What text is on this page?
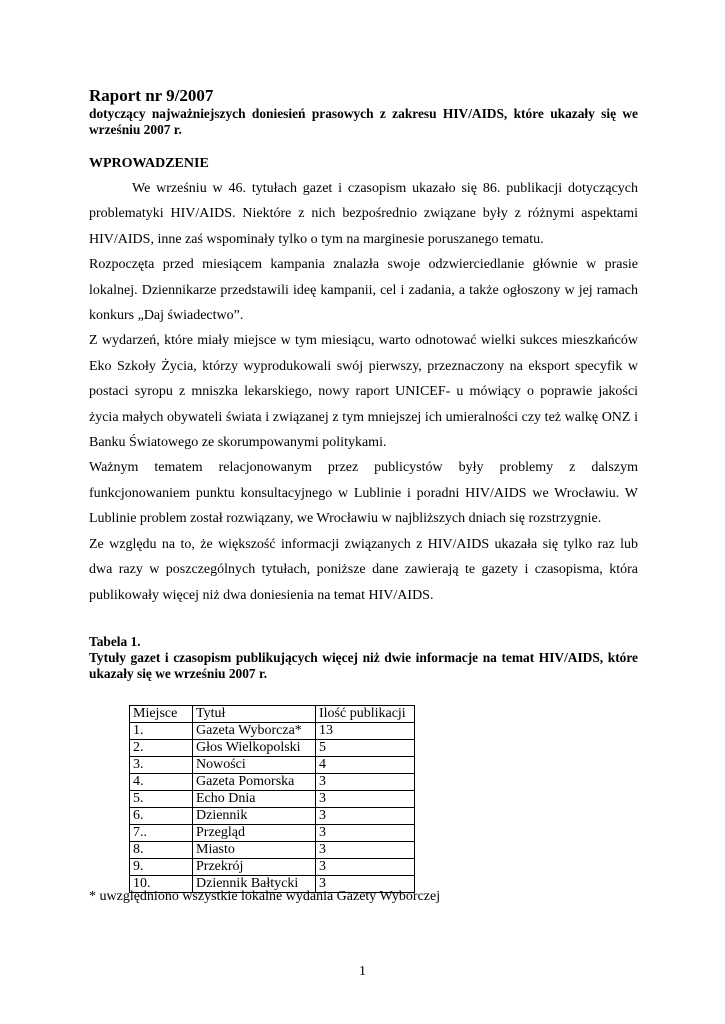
Raport nr 9/2007

dotyczący najważniejszych doniesień prasowych z zakresu HIV/AIDS, które ukazały się we wrześniu 2007 r.

WPROWADZENIE

We wrześniu w 46. tytułach gazet i czasopism ukazało się 86. publikacji dotyczących problematyki HIV/AIDS. Niektóre z nich bezpośrednio związane były z różnymi aspektami HIV/AIDS, inne zaś wspominały tylko o tym na marginesie poruszanego tematu.

Rozpoczęta przed miesiącem kampania znalazła swoje odzwierciedlanie głównie w prasie lokalnej. Dziennikarze przedstawili ideę kampanii, cel i zadania, a także ogłoszony w jej ramach konkurs „Daj świadectwo”.

Z wydarzeń, które miały miejsce w tym miesiącu, warto odnotować wielki sukces mieszkańców Eko Szkoły Życia, którzy wyprodukowali swój pierwszy, przeznaczony na eksport specyfik w postaci syropu z mniszka lekarskiego, nowy raport UNICEF- u mówiący o poprawie jakości życia małych obywateli świata i związanej z tym mniejszej ich umieralności czy też walkę ONZ i Banku Światowego ze skorumpowanymi politykami.

Ważnym tematem relacjonowanym przez publicystów były problemy z dalszym funkcjonowaniem punktu konsultacyjnego w Lublinie i poradni HIV/AIDS we Wrocławiu. W Lublinie problem został rozwiązany, we Wrocławiu w najbliższych dniach się rozstrzygnie.

Ze względu na to, że większość informacji związanych z HIV/AIDS ukazała się tylko raz lub dwa razy w poszczególnych tytułach, poniższe dane zawierają te gazety i czasopisma, która publikowały więcej niż dwa doniesienia na temat HIV/AIDS.

Tabela 1.

Tytuły gazet i czasopism publikujących więcej niż dwie informacje na temat HIV/AIDS, które ukazały się we wrześniu 2007 r.

Miejsce	Tytuł	Ilość publikacji
1.	Gazeta Wyborcza*	13
2.	Głos Wielkopolski	5
3.	Nowości	4
4.	Gazeta Pomorska	3
5.	Echo Dnia	3
6.	Dziennik	3
7..	Przegląd	3
8.	Miasto	3
9.	Przekrój	3
10.	Dziennik Bałtycki	3

* uwzględniono wszystkie lokalne wydania Gazety Wyborczej

1
